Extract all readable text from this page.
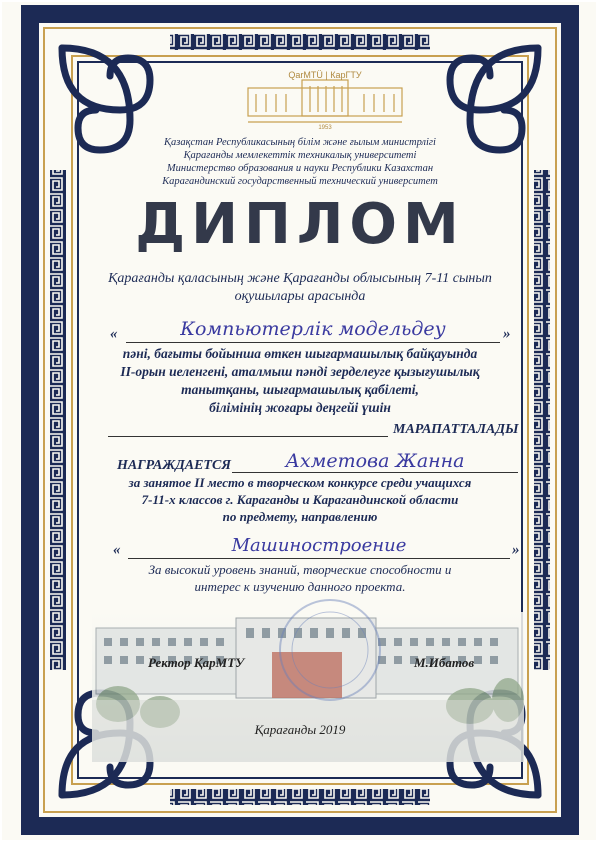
QarMTÜ | КарГТУ
1953
Қазақстан Республикасының білім және ғылым министрлігі
Қарағанды мемлекеттік техникалық университеті
Министерство образования и науки Республики Казахстан
Карагандинский государственный технический университет
ДИПЛОМ
Қарағанды қаласының және Қарағанды облысының 7-11 сынып
оқушылары арасында
«	Компьютерлік модельдеу	»
пәні, бағыты бойынша өткен шығармашылық байқауында
II-орын иеленгені, аталмыш пәнді зерделеуге қызығушылық
танытқаны, шығармашылық қабілеті,
білімінің жоғары деңгейі үшін
МАРАПАТТАЛАДЫ
НАГРАЖДАЕТСЯ	Ахметова Жанна
за занятое II место в творческом конкурсе среди учащихся
7-11-х классов г. Караганды и Карагандинской области
по предмету, направлению
«	Машиностроение	»
За высокий уровень знаний, творческие способности и
интерес к изучению данного проекта.
Ректор ҚарМТУ	М.Ибатов
Қарағанды 2019
